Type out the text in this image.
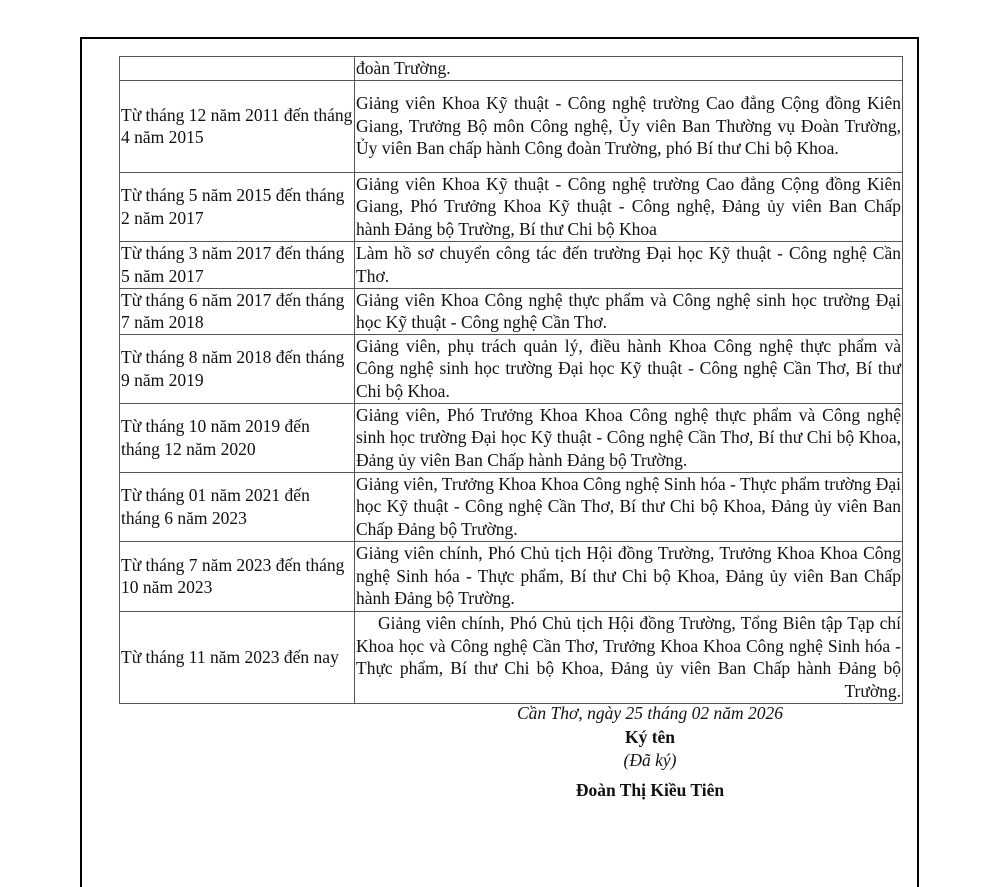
	đoàn Trường.
Từ tháng 12 năm 2011 đến tháng 4 năm 2015	Giảng viên Khoa Kỹ thuật - Công nghệ trường Cao đẳng Cộng đồng Kiên Giang, Trưởng Bộ môn Công nghệ, Ủy viên Ban Thường vụ Đoàn Trường, Ủy viên Ban chấp hành Công đoàn Trường, phó Bí thư Chi bộ Khoa.
Từ tháng 5 năm 2015 đến tháng 2 năm 2017	Giảng viên Khoa Kỹ thuật - Công nghệ trường Cao đẳng Cộng đồng Kiên Giang, Phó Trưởng Khoa Kỹ thuật - Công nghệ, Đảng ủy viên Ban Chấp hành Đảng bộ Trường, Bí thư Chi bộ Khoa
Từ tháng 3 năm 2017 đến tháng 5 năm 2017	Làm hồ sơ chuyển công tác đến trường Đại học Kỹ thuật - Công nghệ Cần Thơ.
Từ tháng 6 năm 2017 đến tháng 7 năm 2018	Giảng viên Khoa Công nghệ thực phẩm và Công nghệ sinh học trường Đại học Kỹ thuật - Công nghệ Cần Thơ.
Từ tháng 8 năm 2018 đến tháng 9 năm 2019	Giảng viên, phụ trách quản lý, điều hành Khoa Công nghệ thực phẩm và Công nghệ sinh học trường Đại học Kỹ thuật - Công nghệ Cần Thơ, Bí thư Chi bộ Khoa.
Từ tháng 10 năm 2019 đến tháng 12 năm 2020	Giảng viên, Phó Trưởng Khoa Khoa Công nghệ thực phẩm và Công nghệ sinh học trường Đại học Kỹ thuật - Công nghệ Cần Thơ, Bí thư Chi bộ Khoa, Đảng ủy viên Ban Chấp hành Đảng bộ Trường.
Từ tháng 01 năm 2021 đến tháng 6 năm 2023	Giảng viên, Trưởng Khoa Khoa Công nghệ Sinh hóa - Thực phẩm trường Đại học Kỹ thuật - Công nghệ Cần Thơ, Bí thư Chi bộ Khoa, Đảng ủy viên Ban Chấp Đảng bộ Trường.
Từ tháng 7 năm 2023 đến tháng 10 năm 2023	Giảng viên chính, Phó Chủ tịch Hội đồng Trường, Trưởng Khoa Khoa Công nghệ Sinh hóa - Thực phẩm, Bí thư Chi bộ Khoa, Đảng ủy viên Ban Chấp hành Đảng bộ Trường.
Từ tháng 11 năm 2023 đến nay	Giảng viên chính, Phó Chủ tịch Hội đồng Trường, Tổng Biên tập Tạp chí Khoa học và Công nghệ Cần Thơ, Trưởng Khoa Khoa Công nghệ Sinh hóa - Thực phẩm, Bí thư Chi bộ Khoa, Đảng ủy viên Ban Chấp hành Đảng bộ Trường.
Cần Thơ, ngày 25 tháng 02 năm 2026
Ký tên
(Đã ký)
Đoàn Thị Kiều Tiên
